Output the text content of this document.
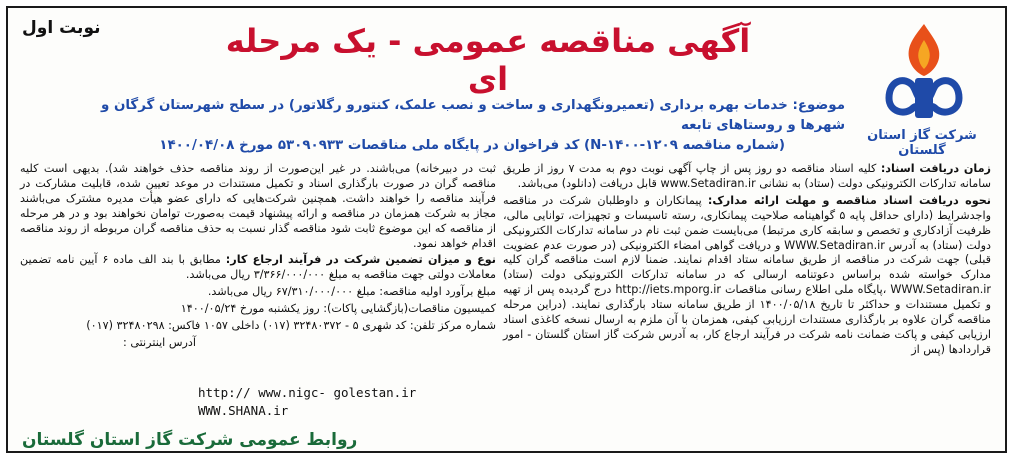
نوبت اول	آگهی مناقصه عمومی - یک مرحله ای
شرکت گاز استان گلستان
موضوع: خدمات بهره برداری (تعمیرونگهداری و ساخت و نصب علمک، کنتورو رگلاتور) در سطح شهرستان گرگان و شهرها و روستاهای تابعه
(شماره مناقصه N-۱۴۰۰-۱۲۰۹) کد فراخوان در پایگاه ملی مناقصات ۵۳۰۹۰۹۳۳ مورخ ۱۴۰۰/۰۴/۰۸

زمان دریافت اسناد: کلیه اسناد مناقصه دو روز پس از چاپ آگهی نوبت دوم به مدت ۷ روز از طریق سامانه تدارکات الکترونیکی دولت (ستاد) به نشانی www.Setadiran.ir قابل دریافت (دانلود) می‌باشد.

نحوه دریافت اسناد مناقصه و مهلت ارائه مدارک: پیمانکاران و داوطلبان شرکت در مناقصه واجدشرایط (دارای حداقل پایه ۵ گواهینامه صلاحیت پیمانکاری، رسته تاسیسات و تجهیزات، توانایی مالی، ظرفیت آزادکاری و تخصص و سابقه کاری مرتبط) می‌بایست ضمن ثبت نام در سامانه تدارکات الکترونیکی دولت (ستاد) به آدرس WWW.Setadiran.ir و دریافت گواهی امضاء الکترونیکی (در صورت عدم عضویت قبلی) جهت شرکت در مناقصه از طریق سامانه ستاد اقدام نمایند. ضمنا لازم است مناقصه گران کلیه مدارک خواسته شده براساس دعوتنامه ارسالی که در سامانه تدارکات الکترونیکی دولت (ستاد) WWW.Setadiran.ir ،پایگاه ملی اطلاع رسانی مناقصات http://iets.mporg.ir درج گردیده پس از تهیه و تکمیل مستندات و حداکثر تا تاریخ ۱۴۰۰/۰۵/۱۸ از طریق سامانه ستاد بارگذاری نمایند. (دراین مرحله مناقصه گران علاوه بر بارگذاری مستندات ارزیابی کیفی، همزمان با آن ملزم به ارسال نسخه کاغذی اسناد ارزیابی کیفی و پاکت ضمانت نامه شرکت در فرآیند ارجاع کار، به آدرس شرکت گاز استان گلستان - امور قراردادها (پس از

ثبت در دبیرخانه) می‌باشند. در غیر این‌صورت از روند مناقصه حذف خواهند شد). بدیهی است کلیه مناقصه گران در صورت بارگذاری اسناد و تکمیل مستندات در موعد تعیین شده، قابلیت مشارکت در فرآیند مناقصه را خواهند داشت. همچنین شرکت‌هایی که دارای عضو هیأت مدیره مشترک می‌باشند مجاز به شرکت همزمان در مناقصه و ارائه پیشنهاد قیمت به‌صورت توامان نخواهند بود و در هر مرحله از مناقصه که این موضوع ثابت شود مناقصه گذار نسبت به حذف مناقصه گران مربوطه از روند مناقصه اقدام خواهد نمود.

نوع و میزان تضمین شرکت در فرآیند ارجاع کار: مطابق با بند الف ماده ۶ آیین نامه تضمین معاملات دولتی جهت مناقصه به مبلغ ۳/۳۶۶/۰۰۰/۰۰۰ ریال می‌باشد.

مبلغ برآورد اولیه مناقصه: مبلغ ۶۷/۳۱۰/۰۰۰/۰۰۰ ریال می‌باشد.

کمیسیون مناقصات(بازگشایی پاکات): روز یکشنبه مورخ ۱۴۰۰/۰۵/۲۴

شماره مرکز تلفن: کد شهری ۵ - ۳۲۴۸۰۳۷۲ (۰۱۷) داخلی ۱۰۵۷ فاکس: ۳۲۴۸۰۲۹۸ (۰۱۷)

آدرس اینترنتی :

http:// www.nigc- golestan.ir
WWW.SHANA.ir
روابط عمومی شرکت گاز استان گلستان
